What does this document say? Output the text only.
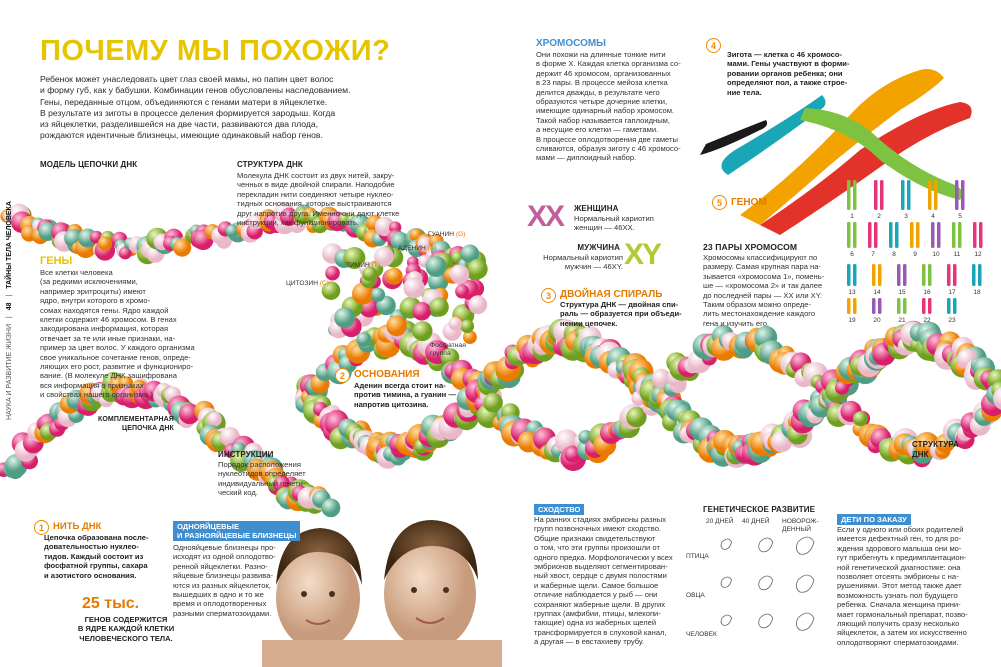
ПОЧЕМУ МЫ ПОХОЖИ?
Ребенок может унаследовать цвет глаз своей мамы, но папин цвет волос
и форму губ, как у бабушки. Комбинации генов обусловлены наследованием.
Гены, переданные отцом, объединяются с генами матери в яйцеклетке.
В результате из зиготы в процессе деления формируется зародыш. Когда
из яйцеклетки, разделившейся на две части, развиваются два плода,
рождаются идентичные близнецы, имеющие одинаковый набор генов.
НАУКА И РАЗВИТИЕ ЖИЗНИ | 48 | ТАЙНЫ ТЕЛА ЧЕЛОВЕКА
МОДЕЛЬ ЦЕПОЧКИ ДНК	СТРУКТУРА ДНК
Молекула ДНК состоит из двух нитей, закру-
ченных в виде двойной спирали. Наподобие
перекладин нити соединяют четыре нуклео-
тидных основания, которые выстраиваются
друг напротив друга. Именно они дают клетке
инструкции, как функционировать.
АДЕНИН (A)
ГУАНИН (G)
ТИМИН (T)
ЦИТОЗИН (C)
Фосфатная
группа
КОМПЛЕМЕНТАРНАЯ
ЦЕПОЧКА ДНК
ИНСТРУКЦИИ
Порядок расположения
нуклеотидов определяет
индивидуальный генети-
ческий код.
СТРУКТУРА
ДНК
ГЕНЫ
Все клетки человека
(за редкими исключениями,
например эритроциты) имеют
ядро, внутри которого в хромо-
сомах находятся гены. Ядро каждой
клетки содержит 46 хромосом. В генах
закодирована информация, которая
отвечает за те или иные признаки, на-
пример за цвет волос. У каждого организма
свое уникальное сочетание генов, опреде-
ляющих его рост, развитие и функциониро-
вание. (В молекуле ДНК зашифрована
вся информация о признаках
и свойствах нашего организма.)
2 ОСНОВАНИЯ
Аденин всегда стоит на-
против тимина, а гуанин —
напротив цитозина.
ХРОМОСОМЫ
Они похожи на длинные тонкие нити
в форме X. Каждая клетка организма со-
держит 46 хромосом, организованных
в 23 пары. В процессе мейоза клетка
делится дважды, в результате чего
образуются четыре дочерние клетки,
имеющие одинарный набор хромосом.
Такой набор называется гаплоидным,
а несущие его клетки — гаметами.
В процессе оплодотворения две гаметы
сливаются, образуя зиготу с 46 хромосо-
мами — диплоидный набор.
XX ЖЕНЩИНА
Нормальный кариотип
женщин — 46XX.
МУЖЧИНА
Нормальный кариотип
мужчин — 46XY. XY
3 ДВОЙНАЯ СПИРАЛЬ
Структура ДНК — двойная спи-
раль — образуется при объеди-
нении цепочек.
4
Зигота — клетка с 46 хромосо-
мами. Гены участвуют в форми-
ровании органов ребенка; они
определяют пол, а также строе-
ние тела.
5 ГЕНОМ
23 ПАРЫ ХРОМОСОМ
Хромосомы классифицируют по
размеру. Самая крупная пара на-
зывается «хромосома 1», помень-
ше — «хромосома 2» и так далее
до последней пары — XX или XY.
Таким образом можно опреде-
лить местонахождение каждого
гена и изучить его.
1	2	3	4	5
6	7	8	9 10 11 12
13	14	15	16	17	18
19	20	21	22	23
1 НИТЬ ДНК
Цепочка образована после-
довательностью нуклео-
тидов. Каждый состоит из
фосфатной группы, сахара
и азотистого основания.
25 тыс.
ГЕНОВ СОДЕРЖИТСЯ
В ЯДРЕ КАЖДОЙ КЛЕТКИ
ЧЕЛОВЕЧЕСКОГО ТЕЛА.
ОДНОЯЙЦЕВЫЕ
И РАЗНОЯЙЦЕВЫЕ БЛИЗНЕЦЫ
Однояйцевые близнецы про-
исходят из одной оплодотво-
ренной яйцеклетки. Разно-
яйцевые близнецы развива-
ются из разных яйцеклеток,
вышедших в одно и то же
время и оплодотворенных
разными сперматозоидами.
СХОДСТВО
На ранних стадиях эмбрионы разных
групп позвоночных имеют сходство.
Общие признаки свидетельствуют
о том, что эти группы произошли от
одного предка. Морфологически у всех
эмбрионов выделяют сегментирован-
ный хвост, сердце с двумя полостями
и жаберные щели. Самое большое
отличие наблюдается у рыб — они
сохраняют жаберные щели. В других
группах (амфибии, птицы, млекопи-
тающие) одна из жаберных щелей
трансформируется в слуховой канал,
а другая — в евстахиеву трубу.
ГЕНЕТИЧЕСКОЕ РАЗВИТИЕ
20 ДНЕЙ 40 ДНЕЙ НОВОРОЖ-
ДЕННЫЙ
ПТИЦА
ОВЦА
ЧЕЛОВЕК
ДЕТИ ПО ЗАКАЗУ
Если у одного или обоих родителей
имеется дефектный ген, то для ро-
ждения здорового малыша они мо-
гут прибегнуть к предимплантацион-
ной генетической диагностике: она
позволяет отсеять эмбрионы с на-
рушениями. Этот метод также дает
возможность узнать пол будущего
ребенка. Сначала женщина прини-
мает гормональный препарат, позво-
ляющий получить сразу несколько
яйцеклеток, а затем их искусственно
оплодотворяют сперматозоидами.
